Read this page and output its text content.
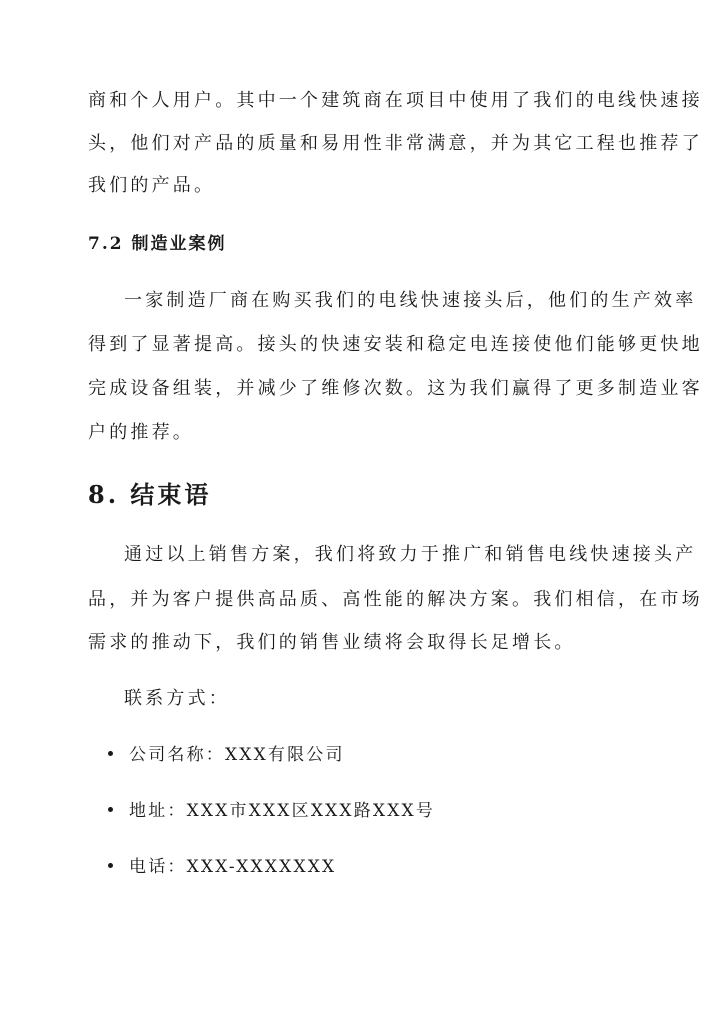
商和个人用户。其中一个建筑商在项目中使用了我们的电线快速接
头，他们对产品的质量和易用性非常满意，并为其它工程也推荐了
我们的产品。
7.2 制造业案例
一家制造厂商在购买我们的电线快速接头后，他们的生产效率
得到了显著提高。接头的快速安装和稳定电连接使他们能够更快地
完成设备组装，并减少了维修次数。这为我们赢得了更多制造业客
户的推荐。
8. 结束语
通过以上销售方案，我们将致力于推广和销售电线快速接头产
品，并为客户提供高品质、高性能的解决方案。我们相信，在市场
需求的推动下，我们的销售业绩将会取得长足增长。
联系方式：
公司名称：XXX有限公司
地址：XXX市XXX区XXX路XXX号
电话：XXX-XXXXXXX
